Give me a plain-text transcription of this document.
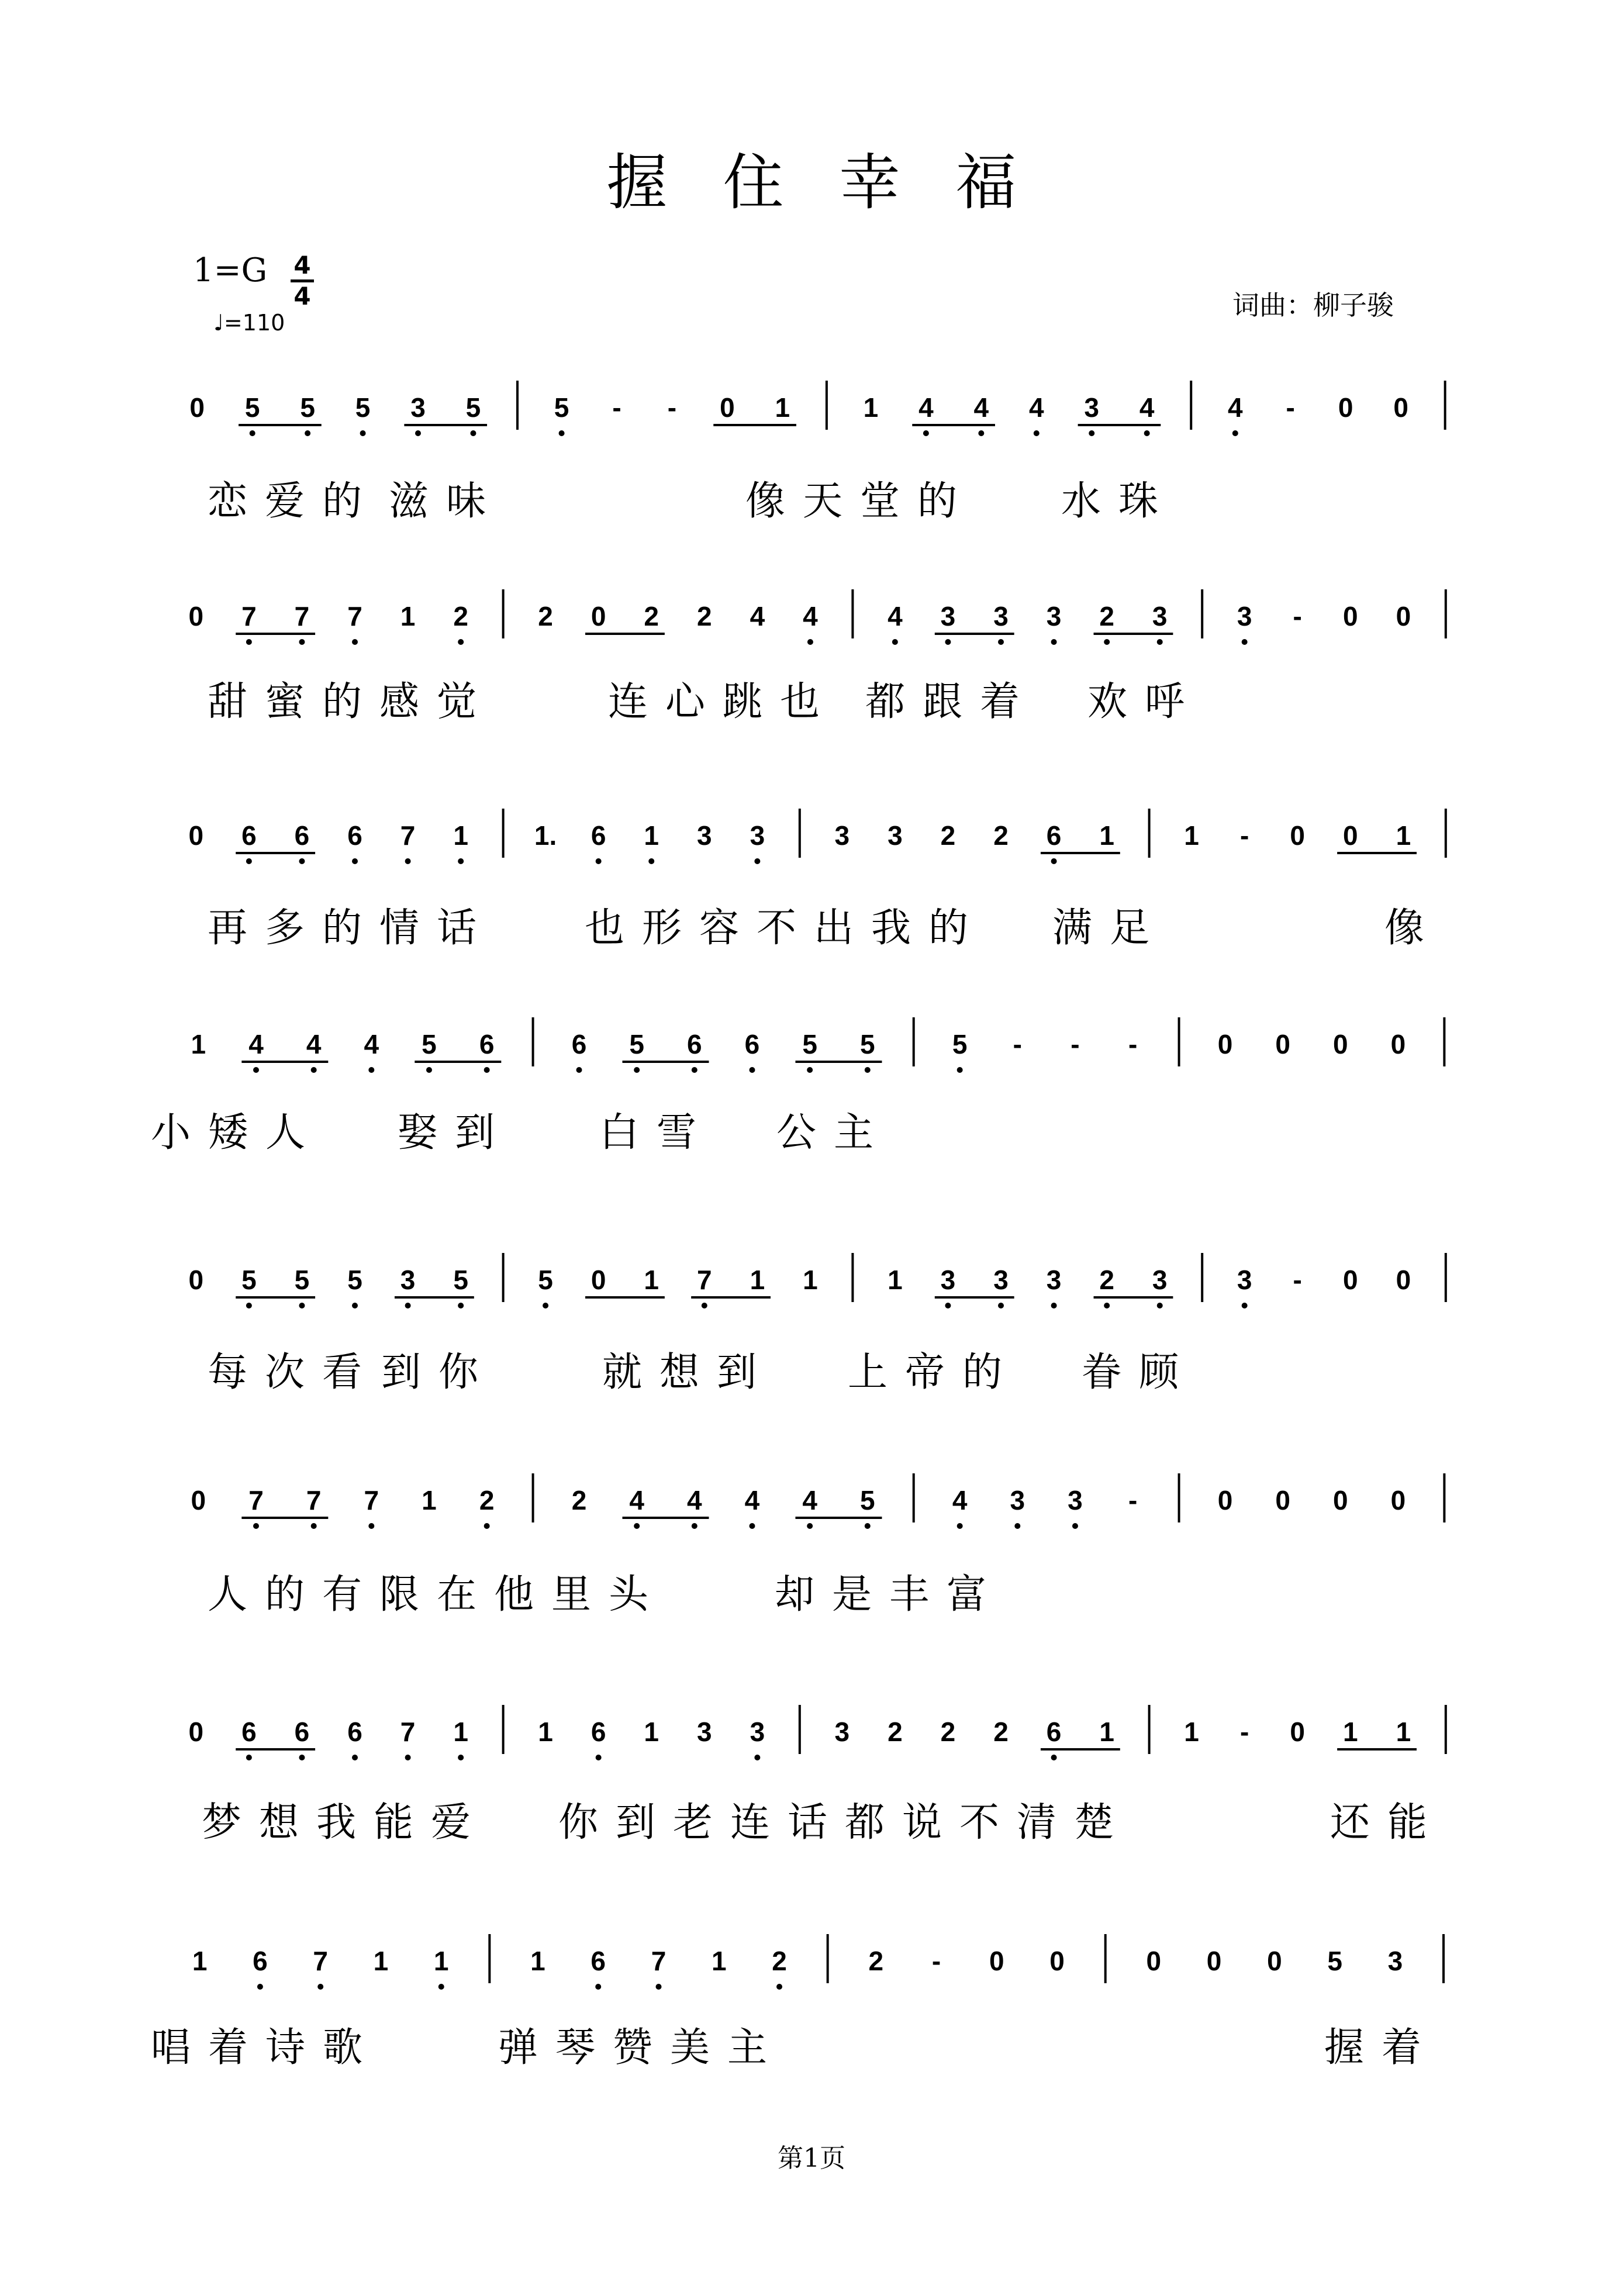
握住幸福
1=G 4
4
♩=110
词曲：柳子骏
0 5 5 5 3 5	5 - - 0 1	1 4 4 4 3 4	4 - 0 0
恋爱的 滋味	像天堂的 水珠
0 7 7 7 1 2	2 0 2 2 4 4	4 3 3 3 2 3	3 - 0 0
甜蜜的感觉	连心跳也 都跟着 欢呼
0 6 6 6 7 1 1. 6 1 3 3	3 3 2 2 6 1	1 - 0 0 1
再多的情话 也形容不出我的 满足	像
1 4 4 4 5 6	6 5 6 6 5 5	5 - - -	0 0 0 0
小矮人 娶到 白雪 公主
0 5 5 5 3 5	5 0 1 7 1 1	1 3 3 3 2 3	3 - 0 0
每次看 到你	就想到 上帝的 眷顾
0 7 7 7 1 2	2 4 4 4 4 5	4 3 3 -	0 0 0 0
人的有限在他里头	却是丰富
0 6 6 6 7 1	1 6 1 3 3	3 2 2 2 6 1	1 - 0 1 1
梦想我能爱 你到老连话都说不清楚	还能
1 6 7 1 1	1 6 7 1 2	2 - 0 0	0 0 0 5 3
唱着诗歌	弹琴赞美主	握着
第1页
